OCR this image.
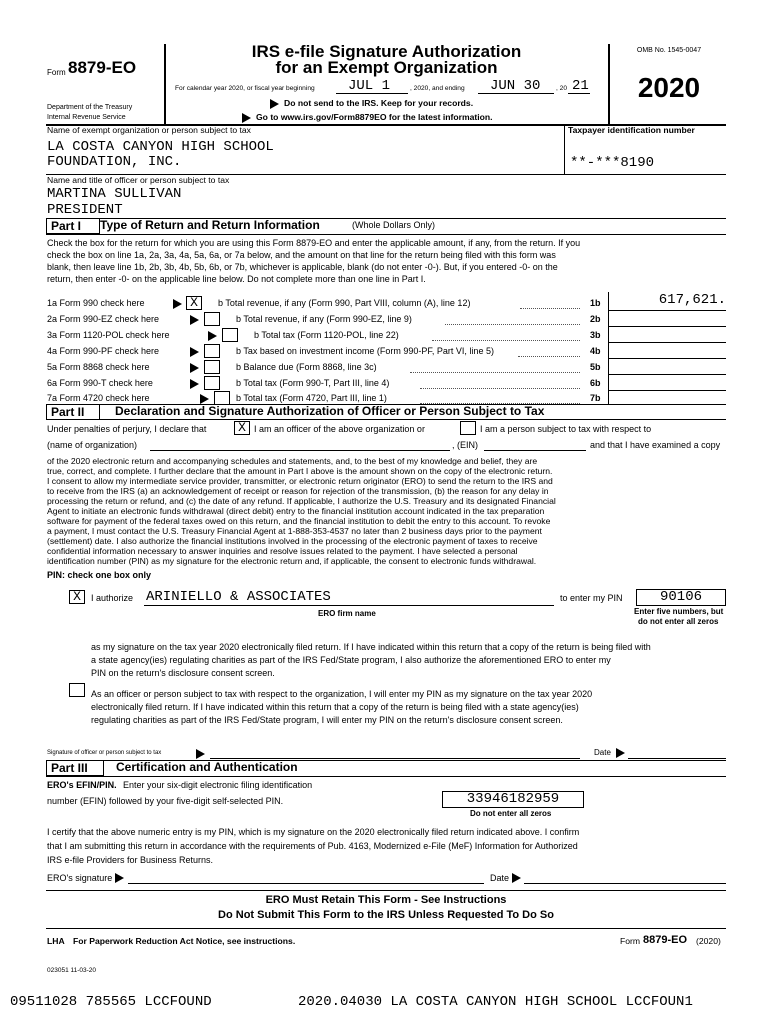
Form 8879-EO
Department of the Treasury
Internal Revenue Service
IRS e-file Signature Authorization
for an Exempt Organization
For calendar year 2020, or fiscal year beginning JUL 1	, 2020, and ending JUN 30 , 20 21
Do not send to the IRS. Keep for your records.
Go to www.irs.gov/Form8879EO for the latest information.
OMB No. 1545-0047
2020
Name of exempt organization or person subject to tax	Taxpayer identification number
LA COSTA CANYON HIGH SCHOOL
FOUNDATION, INC.	**-***8190
Name and title of officer or person subject to tax
MARTINA SULLIVAN
PRESIDENT
Part I	Type of Return and Return Information	(Whole Dollars Only)
Check the box for the return for which you are using this Form 8879-EO and enter the applicable amount, if any, from the return. If you
check the box on line 1a, 2a, 3a, 4a, 5a, 6a, or 7a below, and the amount on that line for the return being filed with this form was
blank, then leave line 1b, 2b, 3b, 4b, 5b, 6b, or 7b, whichever is applicable, blank (do not enter -0-). But, if you entered -0- on the
return, then enter -0- on the applicable line below. Do not complete more than one line in Part I.
1a Form 990 check here	X	b Total revenue, if any (Form 990, Part VIII, column (A), line 12)	1b	617,621.
2a Form 990-EZ check here	b Total revenue, if any (Form 990-EZ, line 9)	2b
3a Form 1120-POL check here	b Total tax (Form 1120-POL, line 22)	3b
4a Form 990-PF check here	b Tax based on investment income (Form 990-PF, Part VI, line 5)	4b
5a Form 8868 check here	b Balance due (Form 8868, line 3c)	5b
6a Form 990-T check here	b Total tax (Form 990-T, Part III, line 4)	6b
7a Form 4720 check here	b Total tax (Form 4720, Part III, line 1)	7b
Part II	Declaration and Signature Authorization of Officer or Person Subject to Tax
Under penalties of perjury, I declare that	X I am an officer of the above organization or	I am a person subject to tax with respect to
(name of organization)	, (EIN)	and that I have examined a copy
of the 2020 electronic return and accompanying schedules and statements, and, to the best of my knowledge and belief, they are
true, correct, and complete. I further declare that the amount in Part I above is the amount shown on the copy of the electronic return.
I consent to allow my intermediate service provider, transmitter, or electronic return originator (ERO) to send the return to the IRS and
to receive from the IRS (a) an acknowledgement of receipt or reason for rejection of the transmission, (b) the reason for any delay in
processing the return or refund, and (c) the date of any refund. If applicable, I authorize the U.S. Treasury and its designated Financial
Agent to initiate an electronic funds withdrawal (direct debit) entry to the financial institution account indicated in the tax preparation
software for payment of the federal taxes owed on this return, and the financial institution to debit the entry to this account. To revoke
a payment, I must contact the U.S. Treasury Financial Agent at 1-888-353-4537 no later than 2 business days prior to the payment
(settlement) date. I also authorize the financial institutions involved in the processing of the electronic payment of taxes to receive
confidential information necessary to answer inquiries and resolve issues related to the payment. I have selected a personal
identification number (PIN) as my signature for the electronic return and, if applicable, the consent to electronic funds withdrawal.
PIN: check one box only
X	I authorize ARINIELLO & ASSOCIATES
ERO firm name
to enter my PIN	90106
Enter five numbers, but
do not enter all zeros
as my signature on the tax year 2020 electronically filed return. If I have indicated within this return that a copy of the return is being filed with
a state agency(ies) regulating charities as part of the IRS Fed/State program, I also authorize the aforementioned ERO to enter my
PIN on the return's disclosure consent screen.
As an officer or person subject to tax with respect to the organization, I will enter my PIN as my signature on the tax year 2020
electronically filed return. If I have indicated within this return that a copy of the return is being filed with a state agency(ies)
regulating charities as part of the IRS Fed/State program, I will enter my PIN on the return's disclosure consent screen.
Signature of officer or person subject to tax	Date
Part III	Certification and Authentication
ERO's EFIN/PIN. Enter your six-digit electronic filing identification
number (EFIN) followed by your five-digit self-selected PIN.	33946182959
Do not enter all zeros
I certify that the above numeric entry is my PIN, which is my signature on the 2020 electronically filed return indicated above. I confirm
that I am submitting this return in accordance with the requirements of Pub. 4163, Modernized e-File (MeF) Information for Authorized
IRS e-file Providers for Business Returns.
ERO's signature	Date
ERO Must Retain This Form - See Instructions
Do Not Submit This Form to the IRS Unless Requested To Do So
LHA For Paperwork Reduction Act Notice, see instructions.	Form 8879-EO (2020)
023051 11-03-20
09511028 785565 LCCFOUND	2020.04030 LA COSTA CANYON HIGH SCHOOL LCCFOUN1
